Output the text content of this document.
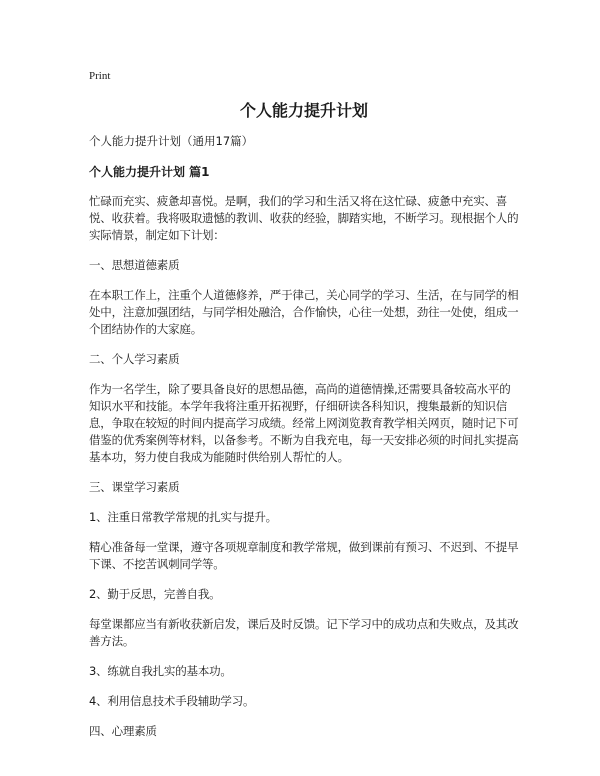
Print
个人能力提升计划

个人能力提升计划（通用17篇）

个人能力提升计划 篇1

忙碌而充实、疲惫却喜悦。是啊，我们的学习和生活又将在这忙碌、疲惫中充实、喜悦、收获着。我将吸取遗憾的教训、收获的经验，脚踏实地，不断学习。现根据个人的实际情景，制定如下计划：

一、思想道德素质

在本职工作上，注重个人道德修养，严于律己，关心同学的学习、生活，在与同学的相处中，注意加强团结，与同学相处融洽，合作愉快，心往一处想，劲往一处使，组成一个团结协作的大家庭。

二、个人学习素质

作为一名学生，除了要具备良好的思想品德，高尚的道德情操,还需要具备较高水平的知识水平和技能。本学年我将注重开拓视野，仔细研读各科知识，搜集最新的知识信息，争取在较短的时间内提高学习成绩。经常上网浏览教育教学相关网页，随时记下可借鉴的优秀案例等材料，以备参考。不断为自我充电，每一天安排必须的时间扎实提高基本功，努力使自我成为能随时供给别人帮忙的人。

三、课堂学习素质

1、注重日常教学常规的扎实与提升。

精心准备每一堂课，遵守各项规章制度和教学常规，做到课前有预习、不迟到、不提早下课、不挖苦讽刺同学等。

2、勤于反思，完善自我。

每堂课都应当有新收获新启发，课后及时反馈。记下学习中的成功点和失败点，及其改善方法。

3、练就自我扎实的基本功。

4、利用信息技术手段辅助学习。

四、心理素质
